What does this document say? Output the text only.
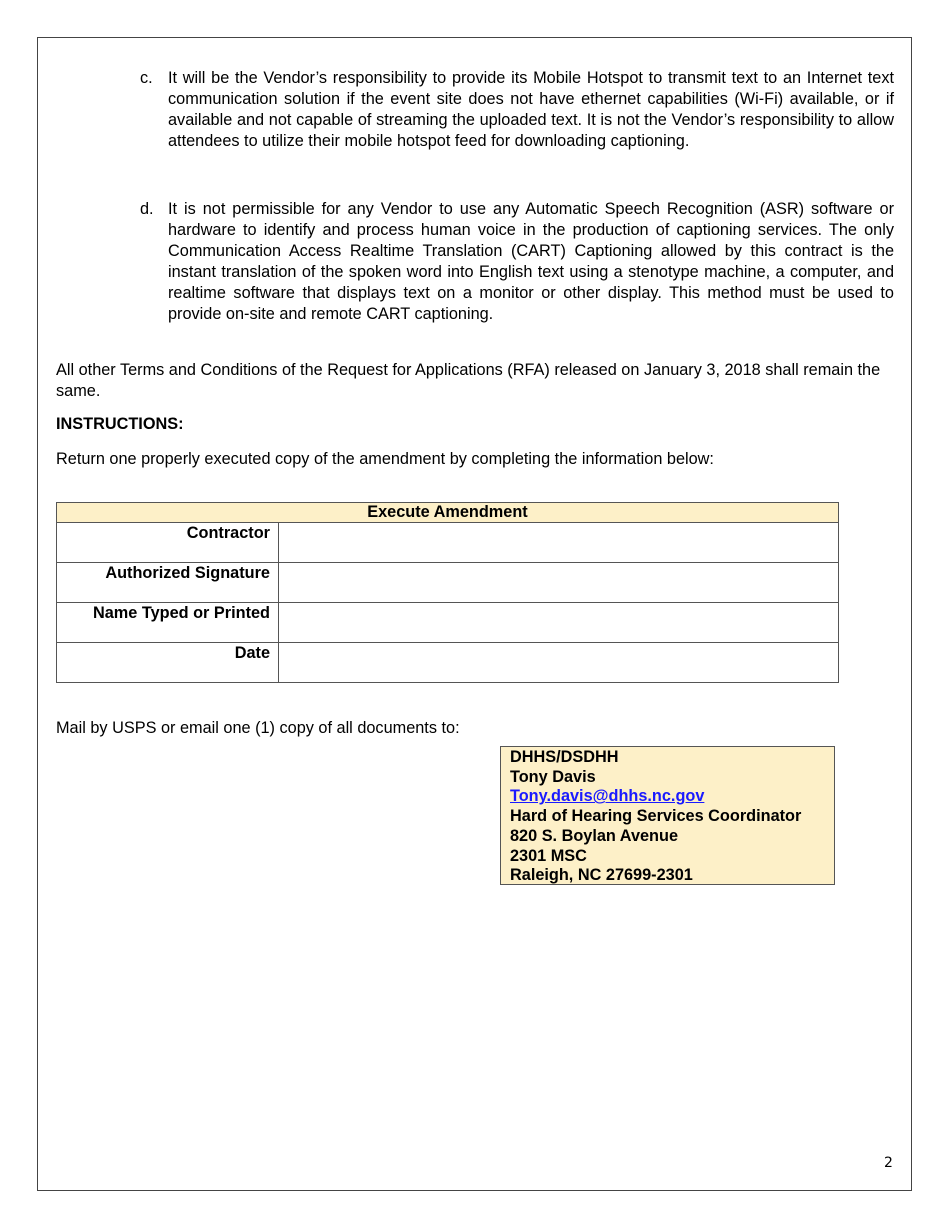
c. It will be the Vendor’s responsibility to provide its Mobile Hotspot to transmit text to an Internet text communication solution if the event site does not have ethernet capabilities (Wi-Fi) available, or if available and not capable of streaming the uploaded text. It is not the Vendor’s responsibility to allow attendees to utilize their mobile hotspot feed for downloading captioning.
d. It is not permissible for any Vendor to use any Automatic Speech Recognition (ASR) software or hardware to identify and process human voice in the production of captioning services. The only Communication Access Realtime Translation (CART) Captioning allowed by this contract is the instant translation of the spoken word into English text using a stenotype machine, a computer, and realtime software that displays text on a monitor or other display. This method must be used to provide on-site and remote CART captioning.
All other Terms and Conditions of the Request for Applications (RFA) released on January 3, 2018 shall remain the same.
INSTRUCTIONS:
Return one properly executed copy of the amendment by completing the information below:
Execute Amendment	
Contractor	
Authorized Signature	
Name Typed or Printed	
Date	
Mail by USPS or email one (1) copy of all documents to:
DHHS/DSDHH
Tony Davis
Tony.davis@dhhs.nc.gov
Hard of Hearing Services Coordinator
820 S. Boylan Avenue
2301 MSC
Raleigh, NC 27699-2301
2
